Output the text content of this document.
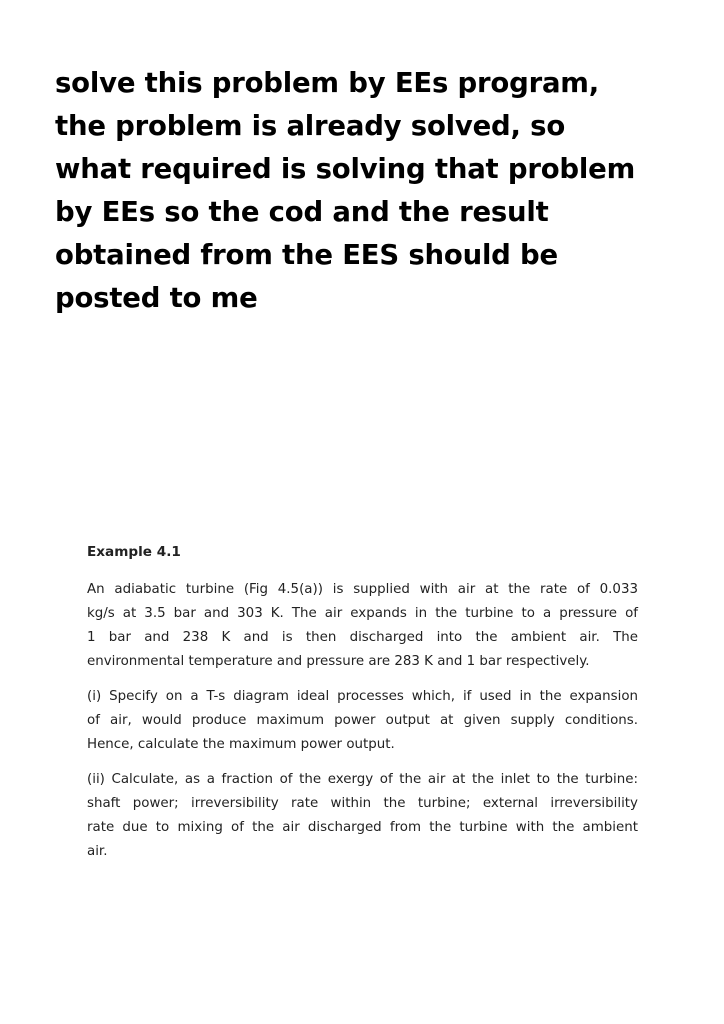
solve this problem by EEs program,
the problem is already solved, so
what required is solving that problem
by EEs so the cod and the result
obtained from the EES should be
posted to me
Example 4.1
An adiabatic turbine (Fig 4.5(a)) is supplied with air at the rate of 0.033
kg/s at 3.5 bar and 303 K. The air expands in the turbine to a pressure of
1 bar and 238 K and is then discharged into the ambient air. The
environmental temperature and pressure are 283 K and 1 bar respectively.
(i) Specify on a T-s diagram ideal processes which, if used in the expansion
of air, would produce maximum power output at given supply conditions.
Hence, calculate the maximum power output.
(ii) Calculate, as a fraction of the exergy of the air at the inlet to the turbine:
shaft power; irreversibility rate within the turbine; external irreversibility
rate due to mixing of the air discharged from the turbine with the ambient
air.
